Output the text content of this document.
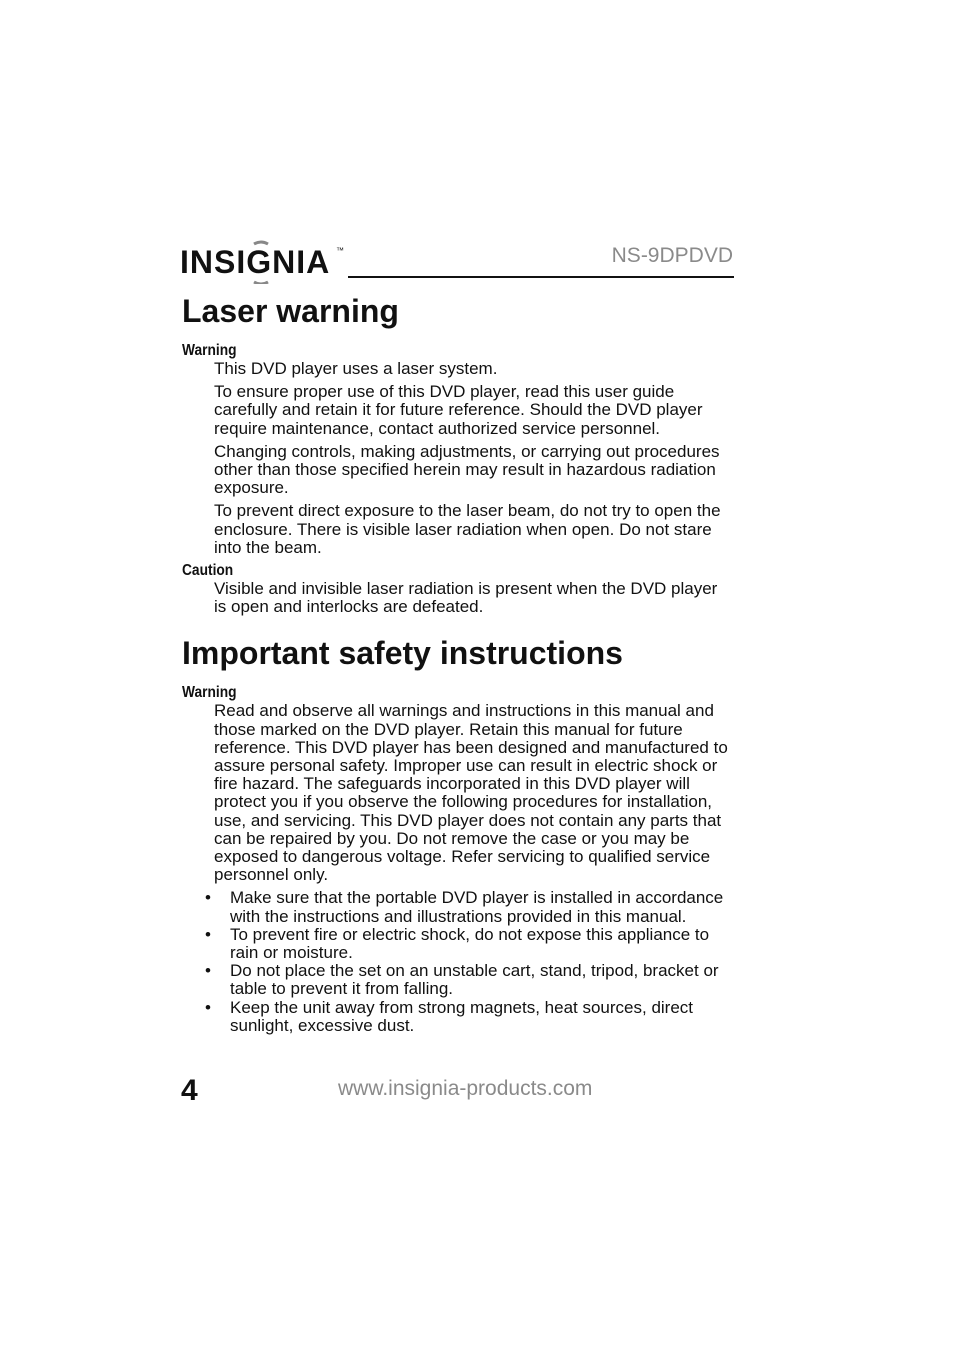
INSIGNIA ™	NS-9DPDVD
Laser warning
Warning

This DVD player uses a laser system.

To ensure proper use of this DVD player, read this user guide carefully and retain it for future reference. Should the DVD player require maintenance, contact authorized service personnel.

Changing controls, making adjustments, or carrying out procedures other than those specified herein may result in hazardous radiation exposure.

To prevent direct exposure to the laser beam, do not try to open the enclosure. There is visible laser radiation when open. Do not stare into the beam.

Caution

Visible and invisible laser radiation is present when the DVD player is open and interlocks are defeated.

Important safety instructions
Warning

Read and observe all warnings and instructions in this manual and those marked on the DVD player. Retain this manual for future reference. This DVD player has been designed and manufactured to assure personal safety. Improper use can result in electric shock or fire hazard. The safeguards incorporated in this DVD player will protect you if you observe the following procedures for installation, use, and servicing. This DVD player does not contain any parts that can be repaired by you. Do not remove the case or you may be exposed to dangerous voltage. Refer servicing to qualified service personnel only.

• Make sure that the portable DVD player is installed in accordance with the instructions and illustrations provided in this manual.
• To prevent fire or electric shock, do not expose this appliance to rain or moisture.
• Do not place the set on an unstable cart, stand, tripod, bracket or table to prevent it from falling.
• Keep the unit away from strong magnets, heat sources, direct sunlight, excessive dust.
4	www.insignia-products.com
